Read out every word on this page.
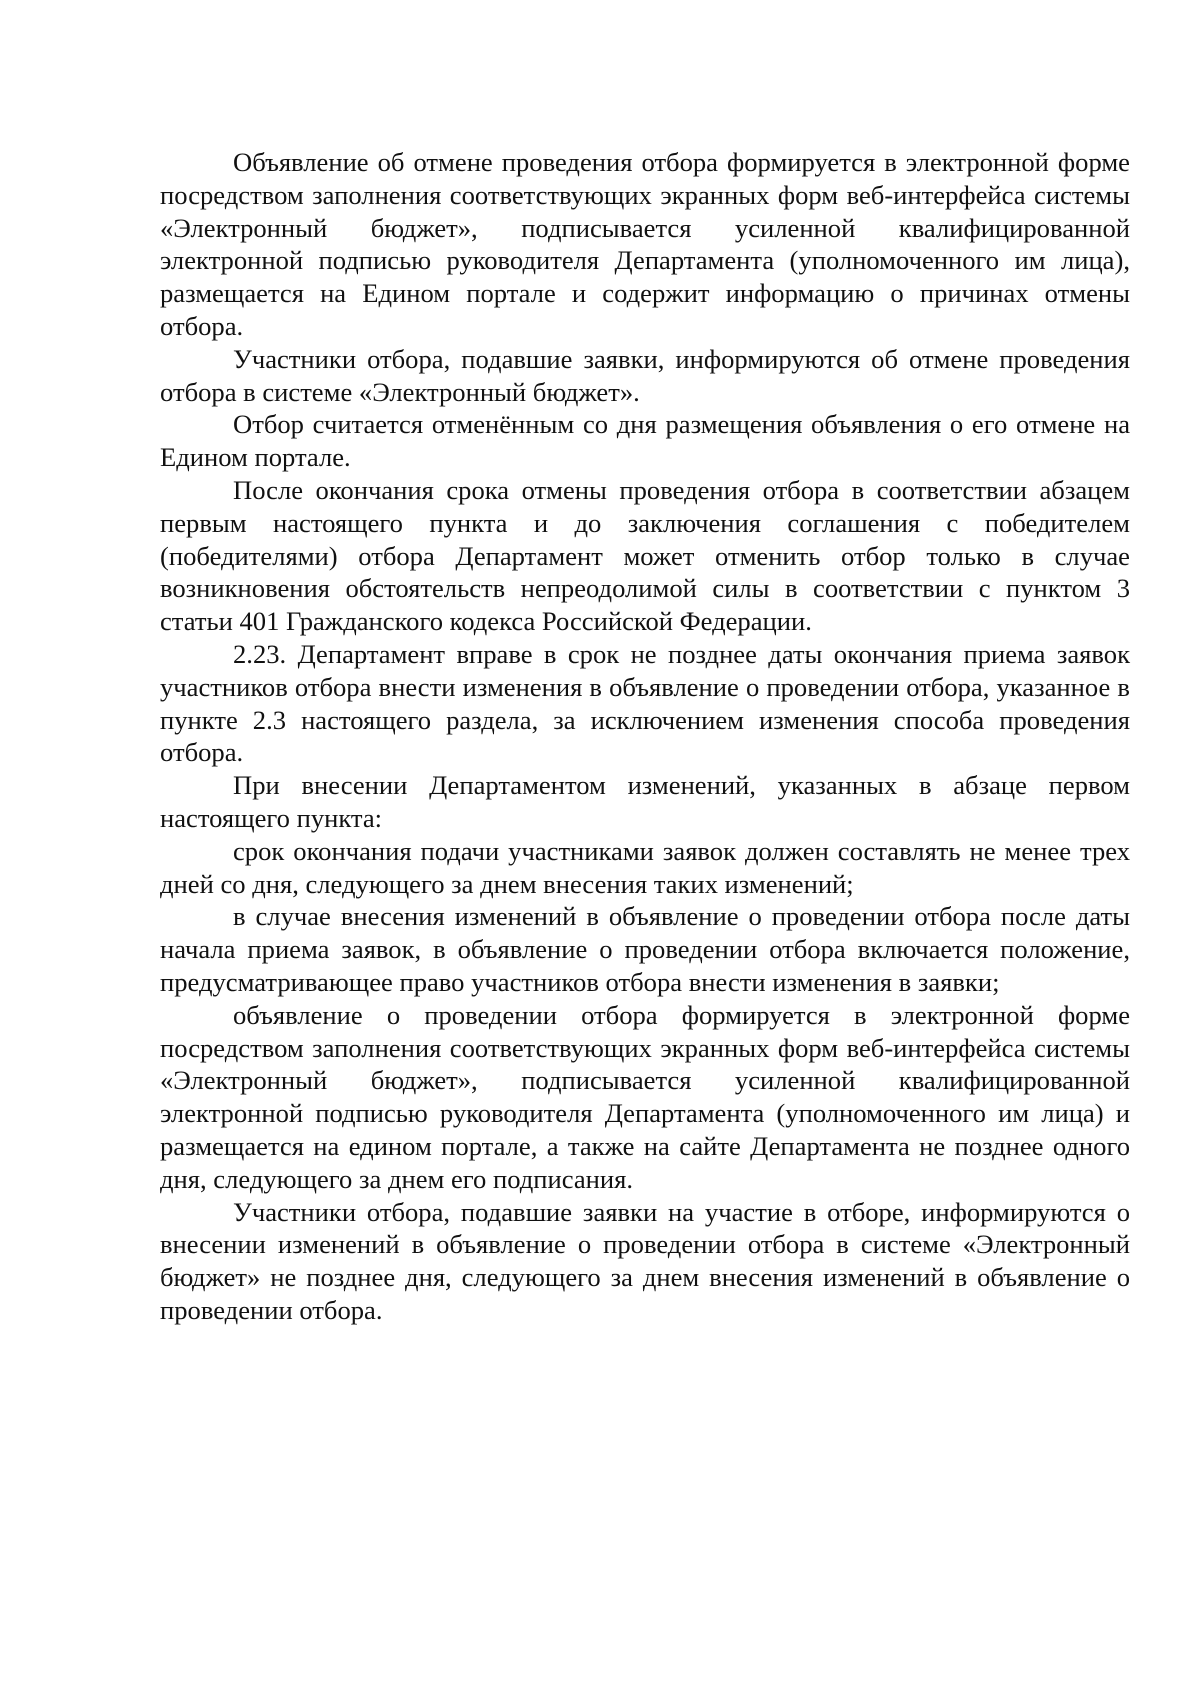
Объявление об отмене проведения отбора формируется в электронной форме посредством заполнения соответствующих экранных форм веб-интерфейса системы «Электронный бюджет», подписывается усиленной квалифицированной электронной подписью руководителя Департамента (уполномоченного им лица), размещается на Едином портале и содержит информацию о причинах отмены отбора.

Участники отбора, подавшие заявки, информируются об отмене проведения отбора в системе «Электронный бюджет».

Отбор считается отменённым со дня размещения объявления о его отмене на Едином портале.

После окончания срока отмены проведения отбора в соответствии абзацем первым настоящего пункта и до заключения соглашения с победителем (победителями) отбора Департамент может отменить отбор только в случае возникновения обстоятельств непреодолимой силы в соответствии с пунктом 3 статьи 401 Гражданского кодекса Российской Федерации.

2.23. Департамент вправе в срок не позднее даты окончания приема заявок участников отбора внести изменения в объявление о проведении отбора, указанное в пункте 2.3 настоящего раздела, за исключением изменения способа проведения отбора.

При внесении Департаментом изменений, указанных в абзаце первом настоящего пункта:

срок окончания подачи участниками заявок должен составлять не менее трех дней со дня, следующего за днем внесения таких изменений;

в случае внесения изменений в объявление о проведении отбора после даты начала приема заявок, в объявление о проведении отбора включается положение, предусматривающее право участников отбора внести изменения в заявки;

объявление о проведении отбора формируется в электронной форме посредством заполнения соответствующих экранных форм веб-интерфейса системы «Электронный бюджет», подписывается усиленной квалифицированной электронной подписью руководителя Департамента (уполномоченного им лица) и размещается на едином портале, а также на сайте Департамента не позднее одного дня, следующего за днем его подписания.

Участники отбора, подавшие заявки на участие в отборе, информируются о внесении изменений в объявление о проведении отбора в системе «Электронный бюджет» не позднее дня, следующего за днем внесения изменений в объявление о проведении отбора.
